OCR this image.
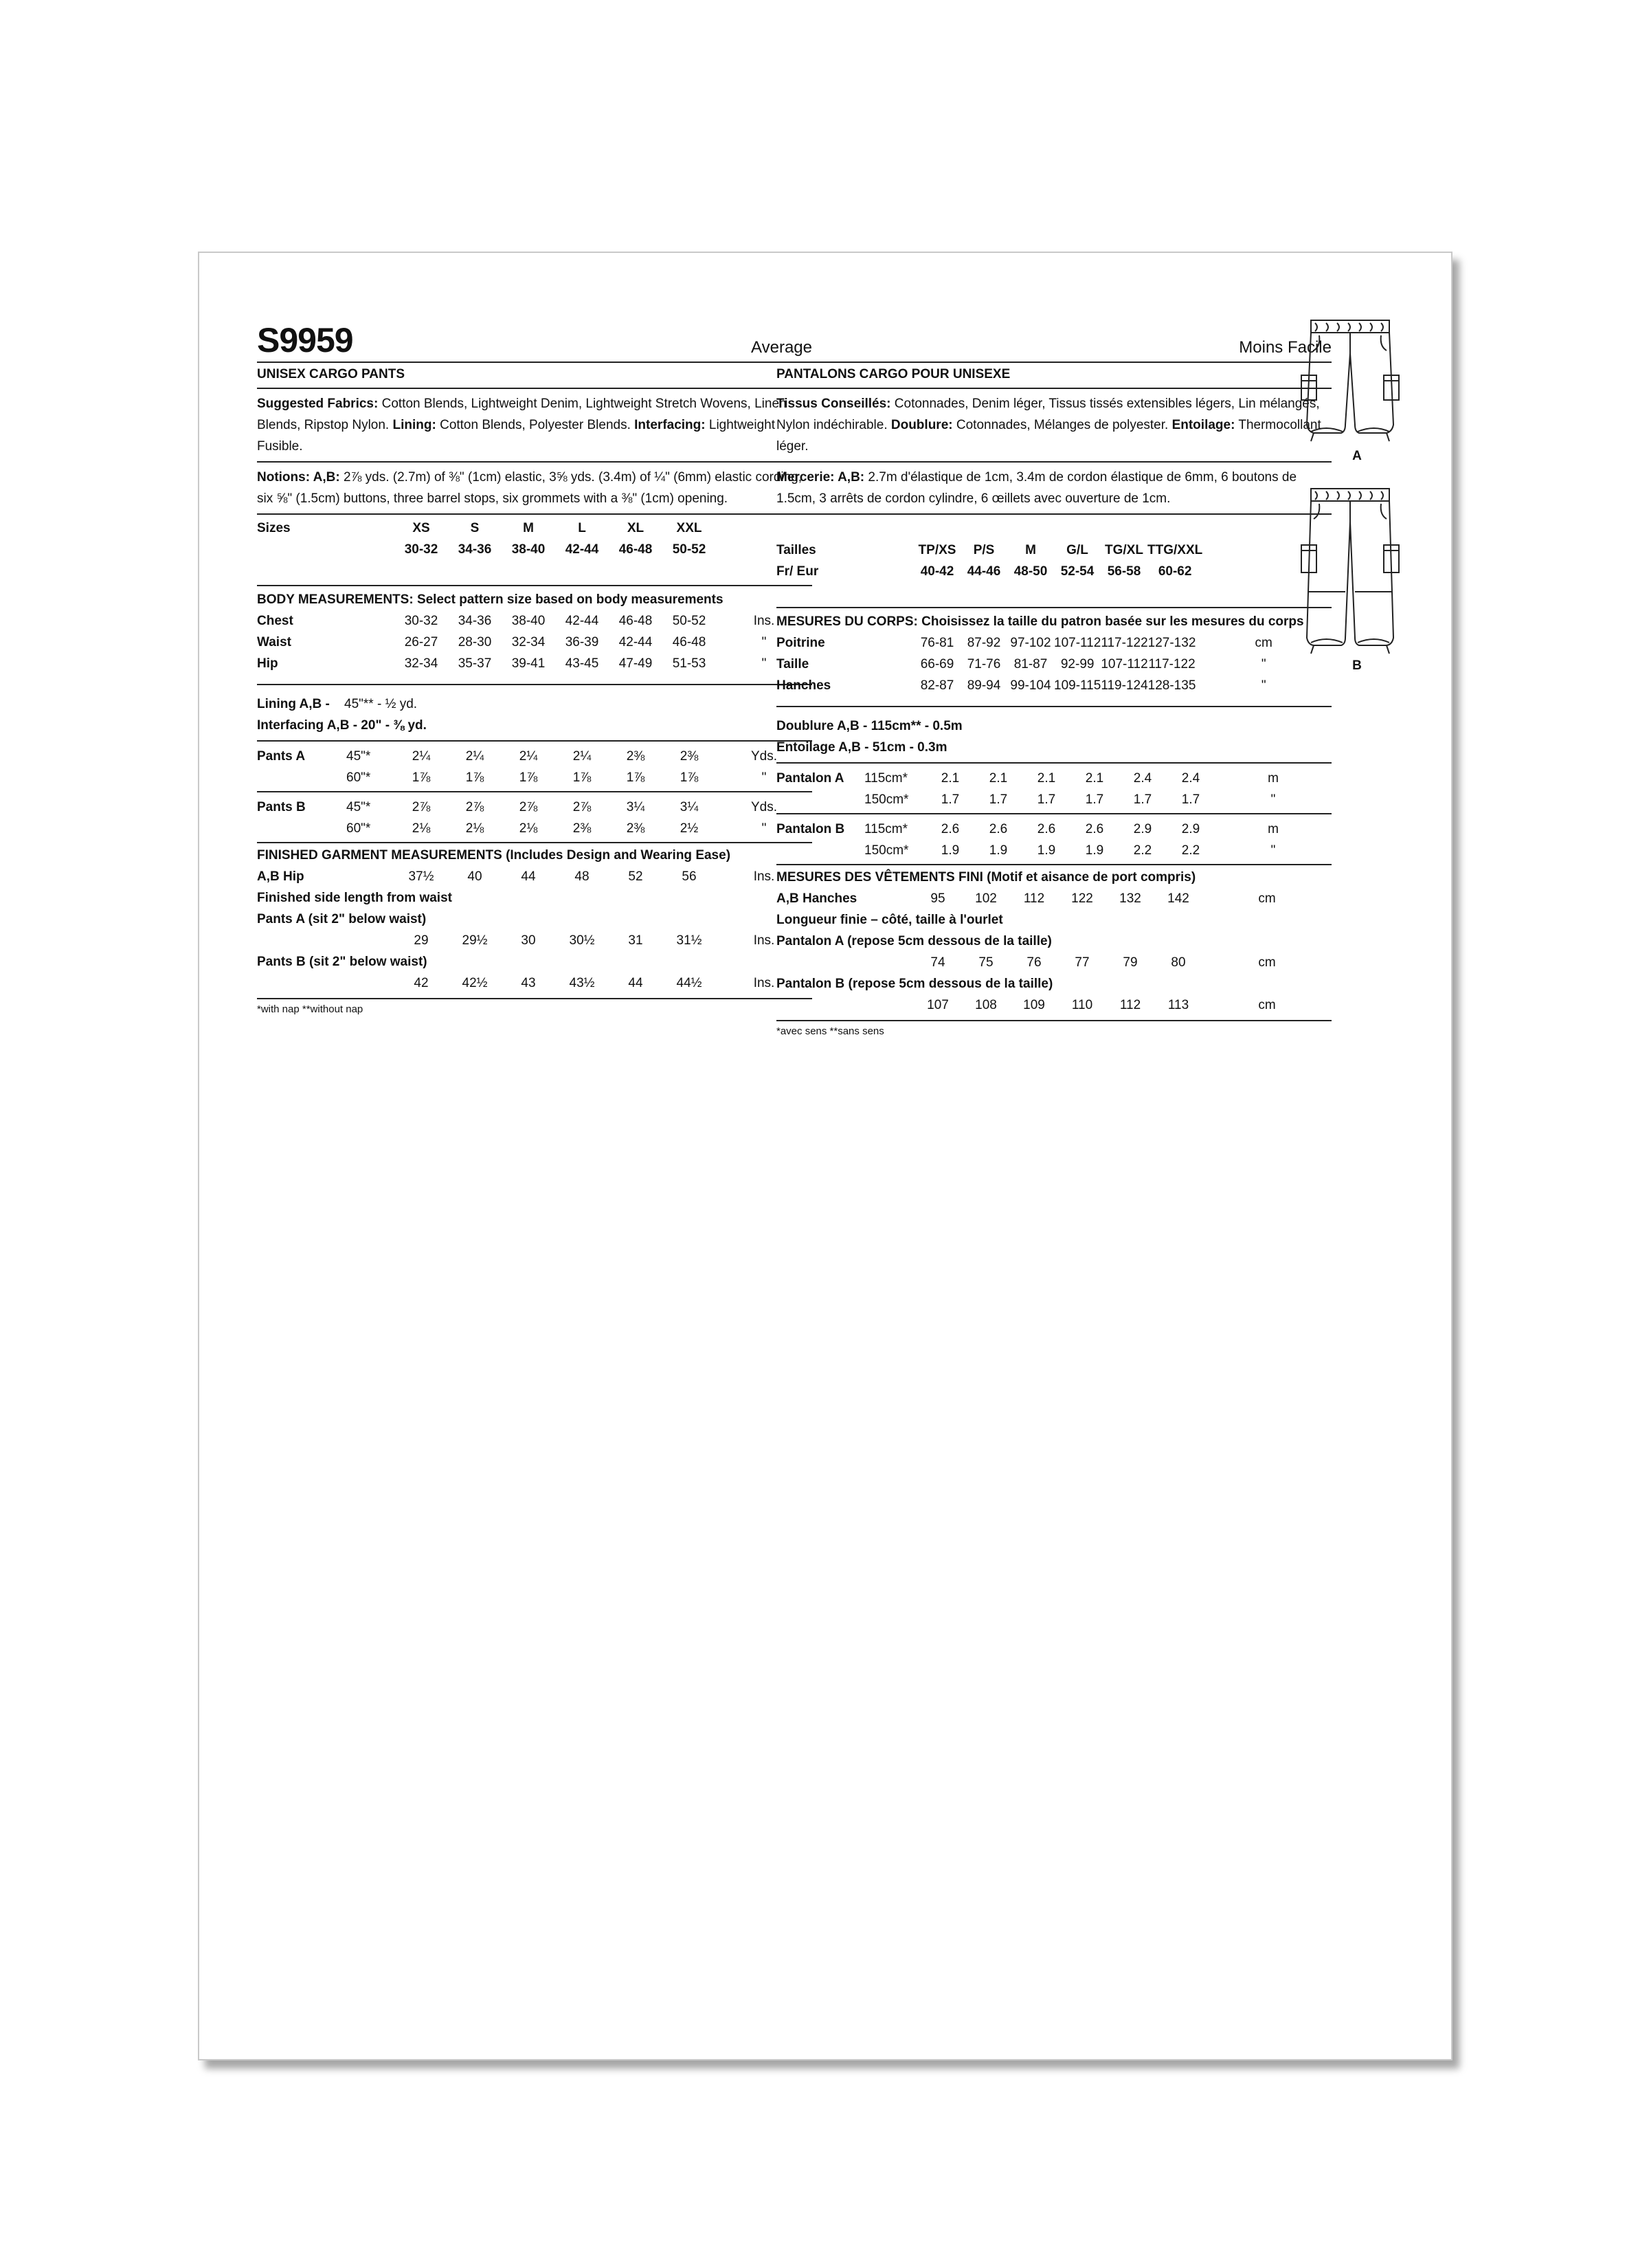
S9959	Average
UNISEX CARGO PANTS
Suggested Fabrics: Cotton Blends, Lightweight Denim, Lightweight Stretch Wovens, Linen Blends, Ripstop Nylon. Lining: Cotton Blends, Polyester Blends. Interfacing: Lightweight Fusible.
Notions: A,B: 2⅞ yds. (2.7m) of ⅜" (1cm) elastic, 3⅝ yds. (3.4m) of ¼" (6mm) elastic cording, six ⅝" (1.5cm) buttons, three barrel stops, six grommets with a ⅜" (1cm) opening.
Sizes	XS	S	M	L	XL	XXL	
	30-32	34-36	38-40	42-44	46-48	50-52	
BODY MEASUREMENTS: Select pattern size based on body measurements
Chest	30-32	34-36	38-40	42-44	46-48	50-52	Ins.
Waist	26-27	28-30	32-34	36-39	42-44	46-48	"
Hip	32-34	35-37	39-41	43-45	47-49	51-53	"
Lining A,B - 45"** - ½ yd.
Interfacing A,B - 20" - ⅜ yd.
Pants A	45"*	2¼	2¼	2¼	2¼	2⅜	2⅜	Yds.
	60"*	1⅞	1⅞	1⅞	1⅞	1⅞	1⅞	"
Pants B	45"*	2⅞	2⅞	2⅞	2⅞	3¼	3¼	Yds.
	60"*	2⅛	2⅛	2⅛	2⅜	2⅜	2½	"
FINISHED GARMENT MEASUREMENTS (Includes Design and Wearing Ease)
A,B Hip	37½	40	44	48	52	56	Ins.
Finished side length from waist							
Pants A (sit 2" below waist)							
	29	29½	30	30½	31	31½	Ins.
Pants B (sit 2" below waist)							
	42	42½	43	43½	44	44½	Ins.
*with nap **without nap
Moins Facile
PANTALONS CARGO POUR UNISEXE
Tissus Conseillés: Cotonnades, Denim léger, Tissus tissés extensibles légers, Lin mélangés, Nylon indéchirable. Doublure: Cotonnades, Mélanges de polyester. Entoilage: Thermocollant léger.
Mercerie: A,B: 2.7m d'élastique de 1cm, 3.4m de cordon élastique de 6mm, 6 boutons de 1.5cm, 3 arrêts de cordon cylindre, 6 œillets avec ouverture de 1cm.
Tailles	TP/XS	P/S	M	G/L	TG/XL	TTG/XXL	
Fr/ Eur	40-42	44-46	48-50	52-54	56-58	60-62	
MESURES DU CORPS: Choisissez la taille du patron basée sur les mesures du corps
Poitrine	76-81	87-92	97-102	107-112	117-122	127-132	cm
Taille	66-69	71-76	81-87	92-99	107-112	117-122	"
Hanches	82-87	89-94	99-104	109-115	119-124	128-135	"
Doublure A,B - 115cm** - 0.5m
Entoilage A,B - 51cm - 0.3m
Pantalon A	115cm*	2.1	2.1	2.1	2.1	2.4	2.4	m
	150cm*	1.7	1.7	1.7	1.7	1.7	1.7	"
Pantalon B	115cm*	2.6	2.6	2.6	2.6	2.9	2.9	m
	150cm*	1.9	1.9	1.9	1.9	2.2	2.2	"
MESURES DES VÊTEMENTS FINI (Motif et aisance de port compris)
A,B Hanches	95	102	112	122	132	142	cm
Longueur finie – côté, taille à l'ourlet							
Pantalon A (repose 5cm dessous de la taille)							
	74	75	76	77	79	80	cm
Pantalon B (repose 5cm dessous de la taille)							
	107	108	109	110	112	113	cm
*avec sens **sans sens
A
B
